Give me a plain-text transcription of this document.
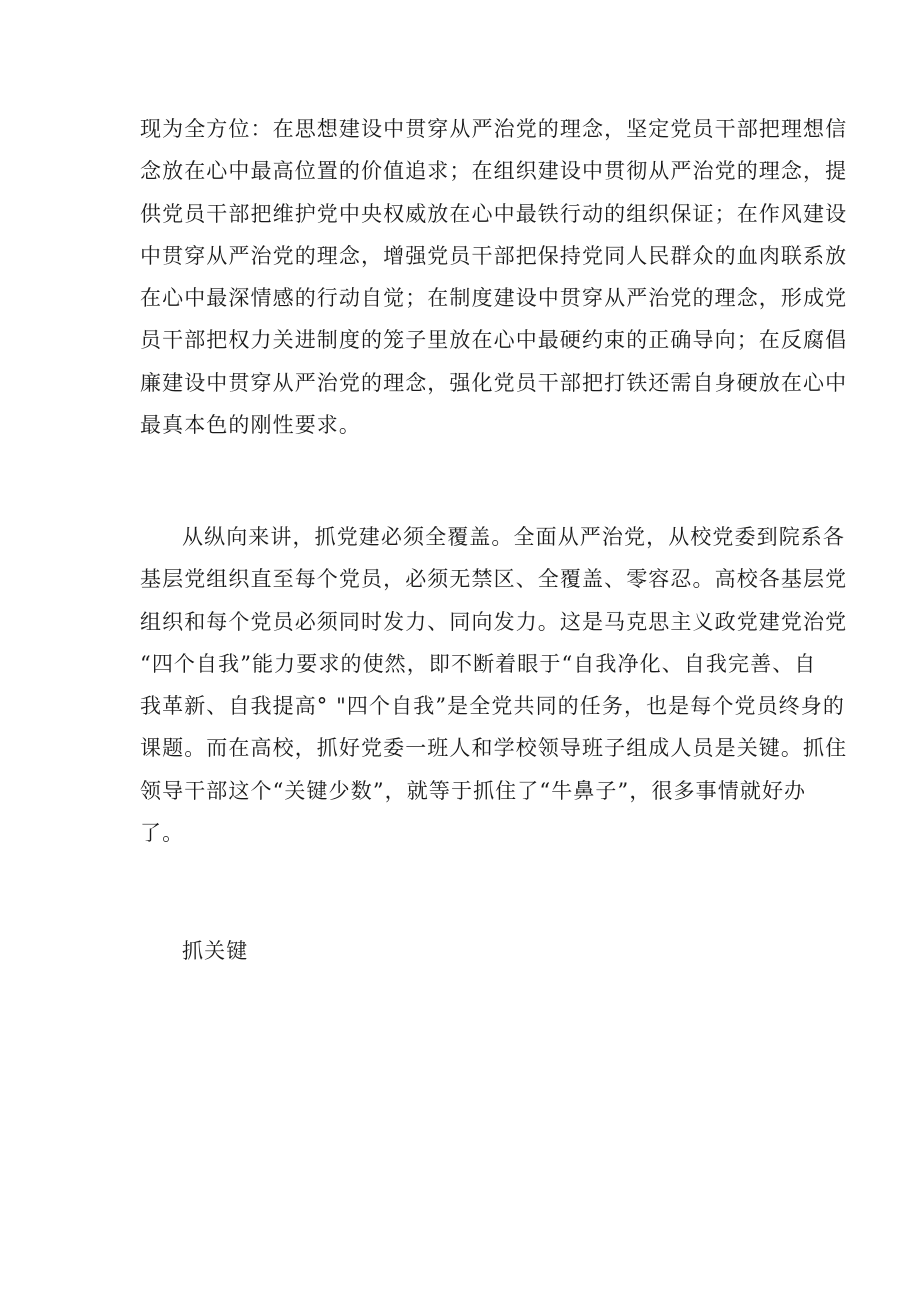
现为全方位：在思想建设中贯穿从严治党的理念，坚定党员干部把理想信
念放在心中最高位置的价值追求；在组织建设中贯彻从严治党的理念，提
供党员干部把维护党中央权威放在心中最铁行动的组织保证；在作风建设
中贯穿从严治党的理念，增强党员干部把保持党同人民群众的血肉联系放
在心中最深情感的行动自觉；在制度建设中贯穿从严治党的理念，形成党
员干部把权力关进制度的笼子里放在心中最硬约束的正确导向；在反腐倡
廉建设中贯穿从严治党的理念，强化党员干部把打铁还需自身硬放在心中
最真本色的刚性要求。
从纵向来讲，抓党建必须全覆盖。全面从严治党，从校党委到院系各
基层党组织直至每个党员，必须无禁区、全覆盖、零容忍。高校各基层党
组织和每个党员必须同时发力、同向发力。这是马克思主义政党建党治党
“四个自我”能力要求的使然，即不断着眼于“自我净化、自我完善、自
我革新、自我提高° "四个自我”是全党共同的任务，也是每个党员终身的
课题。而在高校，抓好党委一班人和学校领导班子组成人员是关键。抓住
领导干部这个“关键少数”，就等于抓住了“牛鼻子”，很多事情就好办
了。

抓关键
